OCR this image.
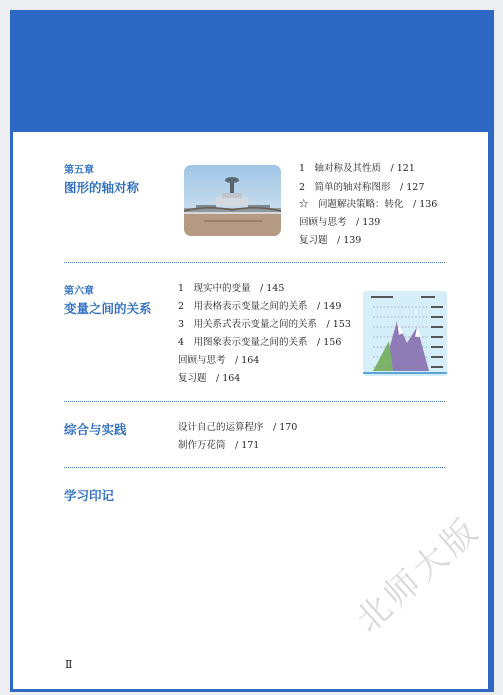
第五章
图形的轴对称
1　轴对称及其性质　/ 121
2　简单的轴对称图形　/ 127
☆　问题解决策略：转化　/ 136
回顾与思考　/ 139
复习题　/ 139
第六章
变量之间的关系
1　现实中的变量　/ 145
2　用表格表示变量之间的关系　/ 149
3　用关系式表示变量之间的关系　/ 153
4　用图象表示变量之间的关系　/ 156
回顾与思考　/ 164
复习题　/ 164
综合与实践	设计自己的运算程序　/ 170
制作万花筒　/ 171
学习印记
北师大版
Ⅱ
